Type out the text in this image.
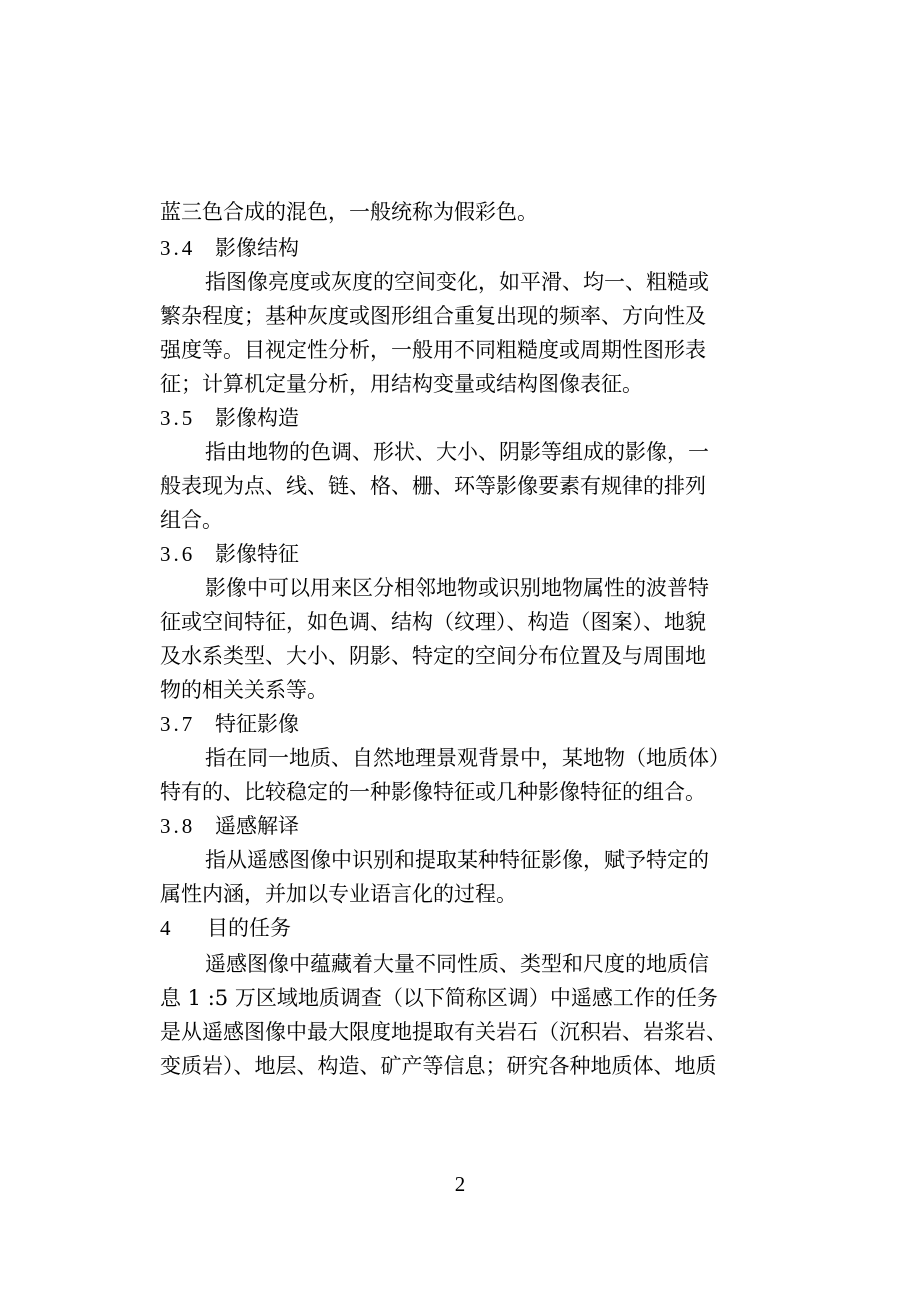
蓝三色合成的混色，一般统称为假彩色。
3.4 影像结构
指图像亮度或灰度的空间变化，如平滑、均一、粗糙或
繁杂程度；基种灰度或图形组合重复出现的频率、方向性及
强度等。目视定性分析，一般用不同粗糙度或周期性图形表
征；计算机定量分析，用结构变量或结构图像表征。
3.5 影像构造
指由地物的色调、形状、大小、阴影等组成的影像，一
般表现为点、线、链、格、栅、环等影像要素有规律的排列
组合。
3.6 影像特征
影像中可以用来区分相邻地物或识别地物属性的波普特
征或空间特征，如色调、结构（纹理）、构造（图案）、地貌
及水系类型、大小、阴影、特定的空间分布位置及与周围地
物的相关关系等。
3.7 特征影像
指在同一地质、自然地理景观背景中，某地物（地质体）
特有的、比较稳定的一种影像特征或几种影像特征的组合。
3.8 遥感解译
指从遥感图像中识别和提取某种特征影像，赋予特定的
属性内涵，并加以专业语言化的过程。
4 目的任务
遥感图像中蕴藏着大量不同性质、类型和尺度的地质信
息 1 :5 万区域地质调查（以下简称区调）中遥感工作的任务
是从遥感图像中最大限度地提取有关岩石（沉积岩、岩浆岩、
变质岩）、地层、构造、矿产等信息；研究各种地质体、地质
2
